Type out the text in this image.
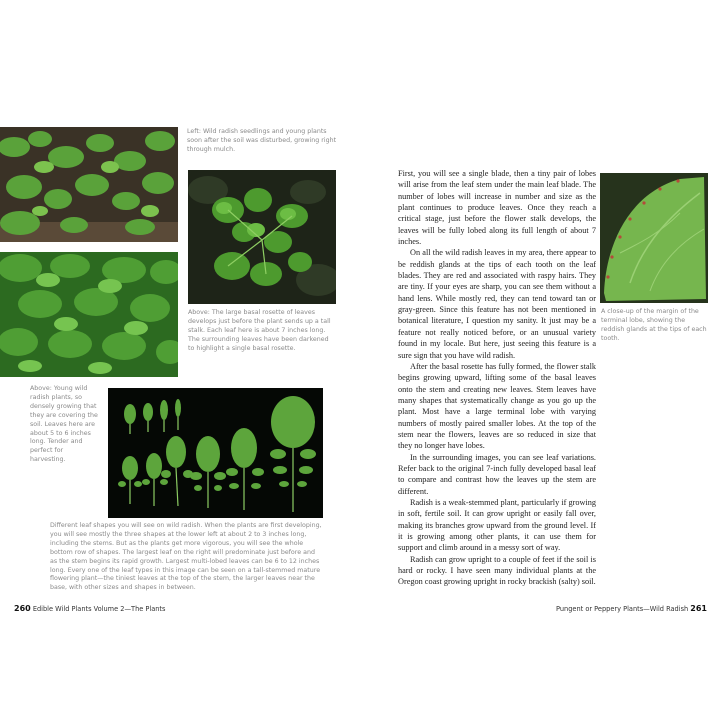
Left: Wild radish seedlings and young plants soon after the soil was disturbed, growing right through mulch.
Above: The large basal rosette of leaves develops just before the plant sends up a tall stalk. Each leaf here is about 7 inches long. The surrounding leaves have been darkened to highlight a single basal rosette.
Above: Young wild radish plants, so densely growing that they are covering the soil. Leaves here are about 5 to 6 inches long. Tender and perfect for harvesting.
Different leaf shapes you will see on wild radish. When the plants are first developing, you will see mostly the three shapes at the lower left at about 2 to 3 inches long, including the stems. But as the plants get more vigorous, you will see the whole bottom row of shapes. The largest leaf on the right will predominate just before and as the stem begins its rapid growth. Largest multi-lobed leaves can be 6 to 12 inches long. Every one of the leaf types in this image can be seen on a tall-stemmed mature flowering plant—the tiniest leaves at the top of the stem, the larger leaves near the base, with other sizes and shapes in between.

First, you will see a single blade, then a tiny pair of lobes will arise from the leaf stem under the main leaf blade. The number of lobes will increase in number and size as the plant continues to produce leaves. Once they reach a critical stage, just before the flower stalk develops, the leaves will be fully lobed along its full length of about 7 inches.

On all the wild radish leaves in my area, there appear to be reddish glands at the tips of each tooth on the leaf blades. They are red and associated with raspy hairs. They are tiny. If your eyes are sharp, you can see them without a hand lens. While mostly red, they can tend toward tan or gray-green. Since this feature has not been mentioned in botanical literature, I question my sanity. It just may be a feature not really noticed before, or an unusual variety found in my locale. But here, just seeing this feature is a sure sign that you have wild radish.

After the basal rosette has fully formed, the flower stalk begins growing upward, lifting some of the basal leaves onto the stem and creating new leaves. Stem leaves have many shapes that systematically change as you go up the plant. Most have a large terminal lobe with varying numbers of mostly paired smaller lobes. At the top of the stem near the flowers, leaves are so reduced in size that they no longer have lobes.

In the surrounding images, you can see leaf variations. Refer back to the original 7-inch fully developed basal leaf to compare and contrast how the leaves up the stem are different.

Radish is a weak-stemmed plant, particularly if growing in soft, fertile soil. It can grow upright or easily fall over, making its branches grow upward from the ground level. If it is growing among other plants, it can use them for support and climb around in a messy sort of way.

Radish can grow upright to a couple of feet if the soil is hard or rocky. I have seen many individual plants at the Oregon coast growing upright in rocky brackish (salty) soil.

A close-up of the margin of the terminal lobe, showing the reddish glands at the tips of each tooth.
260 Edible Wild Plants Volume 2—The Plants	Pungent or Peppery Plants—Wild Radish 261
